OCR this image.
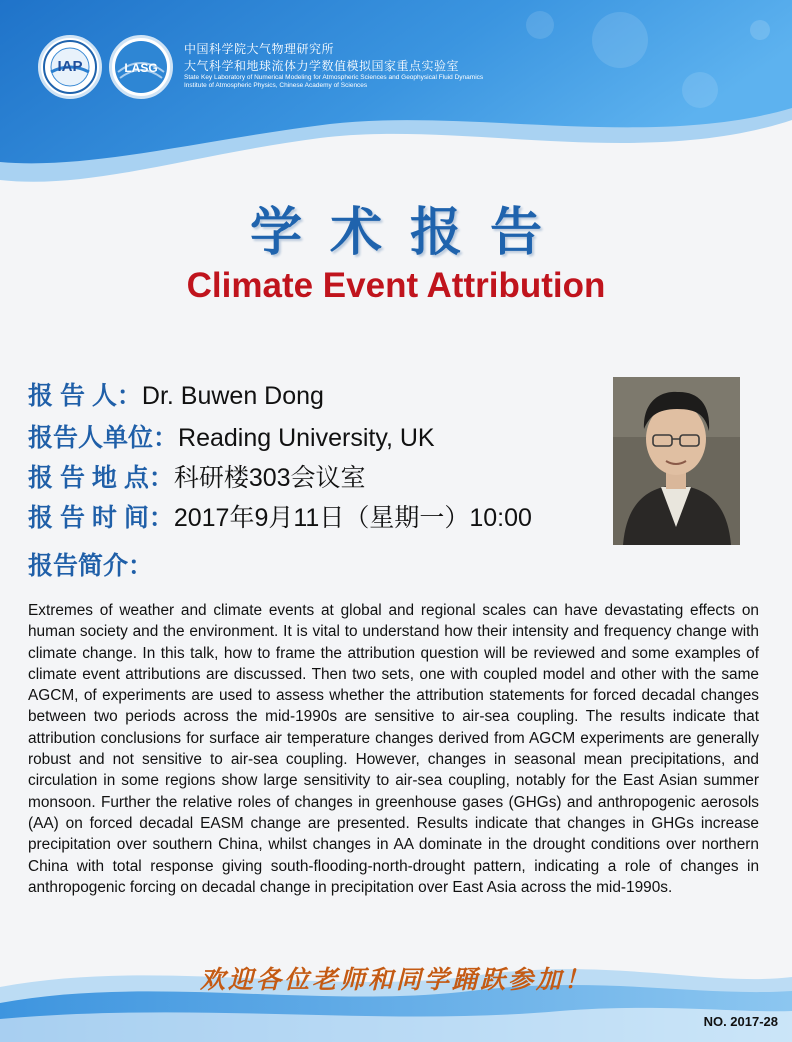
IAP	LASG
中国科学院大气物理研究所
大气科学和地球流体力学数值模拟国家重点实验室
State Key Laboratory of Numerical Modeling for Atmospheric Sciences and Geophysical Fluid Dynamics
Institute of Atmospheric Physics, Chinese Academy of Sciences
学术报告
Climate Event Attribution
报 告 人：Dr. Buwen Dong
报告人单位：Reading University, UK
报 告 地 点：科研楼303会议室
报 告 时 间：2017年9月11日（星期一）10:00
报告简介：
Extremes of weather and climate events at global and regional scales can have devastating effects on human society and the environment. It is vital to understand how their intensity and frequency change with climate change. In this talk, how to frame the attribution question will be reviewed and some examples of climate event attributions are discussed. Then two sets, one with coupled model and other with the same AGCM, of experiments are used to assess whether the attribution statements for forced decadal changes between two periods across the mid-1990s are sensitive to air-sea coupling. The results indicate that attribution conclusions for surface air temperature changes derived from AGCM experiments are generally robust and not sensitive to air-sea coupling. However, changes in seasonal mean precipitations, and circulation in some regions show large sensitivity to air-sea coupling, notably for the East Asian summer monsoon. Further the relative roles of changes in greenhouse gases (GHGs) and anthropogenic aerosols (AA) on forced decadal EASM change are presented. Results indicate that changes in GHGs increase precipitation over southern China, whilst changes in AA dominate in the drought conditions over northern China with total response giving south-flooding-north-drought pattern, indicating a role of changes in anthropogenic forcing on decadal change in precipitation over East Asia across the mid-1990s.
欢迎各位老师和同学踊跃参加！
NO. 2017-28
